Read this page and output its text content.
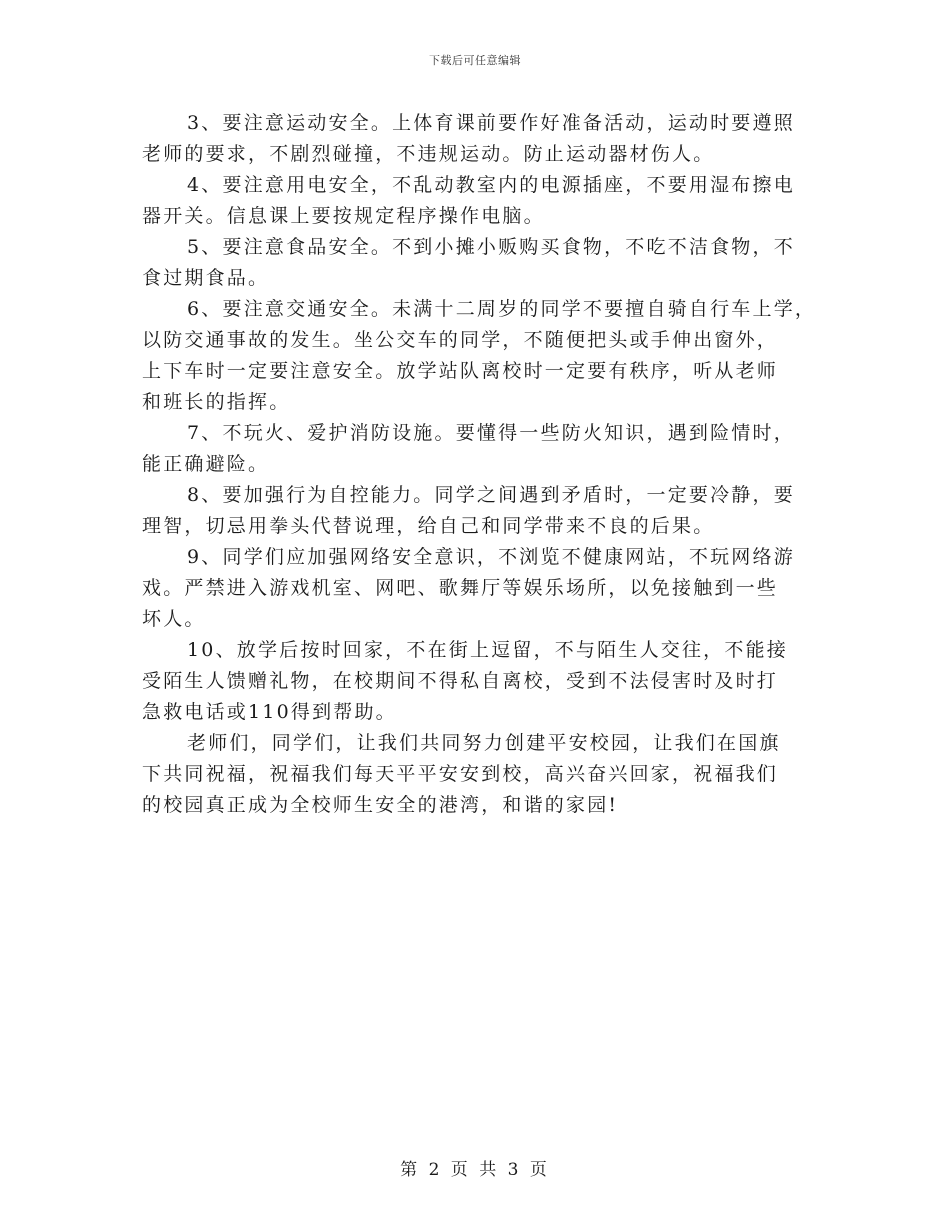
下载后可任意编辑

3、要注意运动安全。上体育课前要作好准备活动，运动时要遵照
老师的要求，不剧烈碰撞，不违规运动。防止运动器材伤人。

4、要注意用电安全，不乱动教室内的电源插座，不要用湿布擦电
器开关。信息课上要按规定程序操作电脑。

5、要注意食品安全。不到小摊小贩购买食物，不吃不洁食物，不
食过期食品。

6、要注意交通安全。未满十二周岁的同学不要擅自骑自行车上学，
以防交通事故的发生。坐公交车的同学，不随便把头或手伸出窗外，
上下车时一定要注意安全。放学站队离校时一定要有秩序，听从老师
和班长的指挥。

7、不玩火、爱护消防设施。要懂得一些防火知识，遇到险情时，
能正确避险。

8、要加强行为自控能力。同学之间遇到矛盾时，一定要冷静，要
理智，切忌用拳头代替说理，给自己和同学带来不良的后果。

9、同学们应加强网络安全意识，不浏览不健康网站，不玩网络游
戏。严禁进入游戏机室、网吧、歌舞厅等娱乐场所，以免接触到一些
坏人。

10、放学后按时回家，不在街上逗留，不与陌生人交往，不能接
受陌生人馈赠礼物，在校期间不得私自离校，受到不法侵害时及时打
急救电话或110得到帮助。

老师们，同学们，让我们共同努力创建平安校园，让我们在国旗
下共同祝福，祝福我们每天平平安安到校，高兴奋兴回家，祝福我们
的校园真正成为全校师生安全的港湾，和谐的家园!

第 2 页 共 3 页
